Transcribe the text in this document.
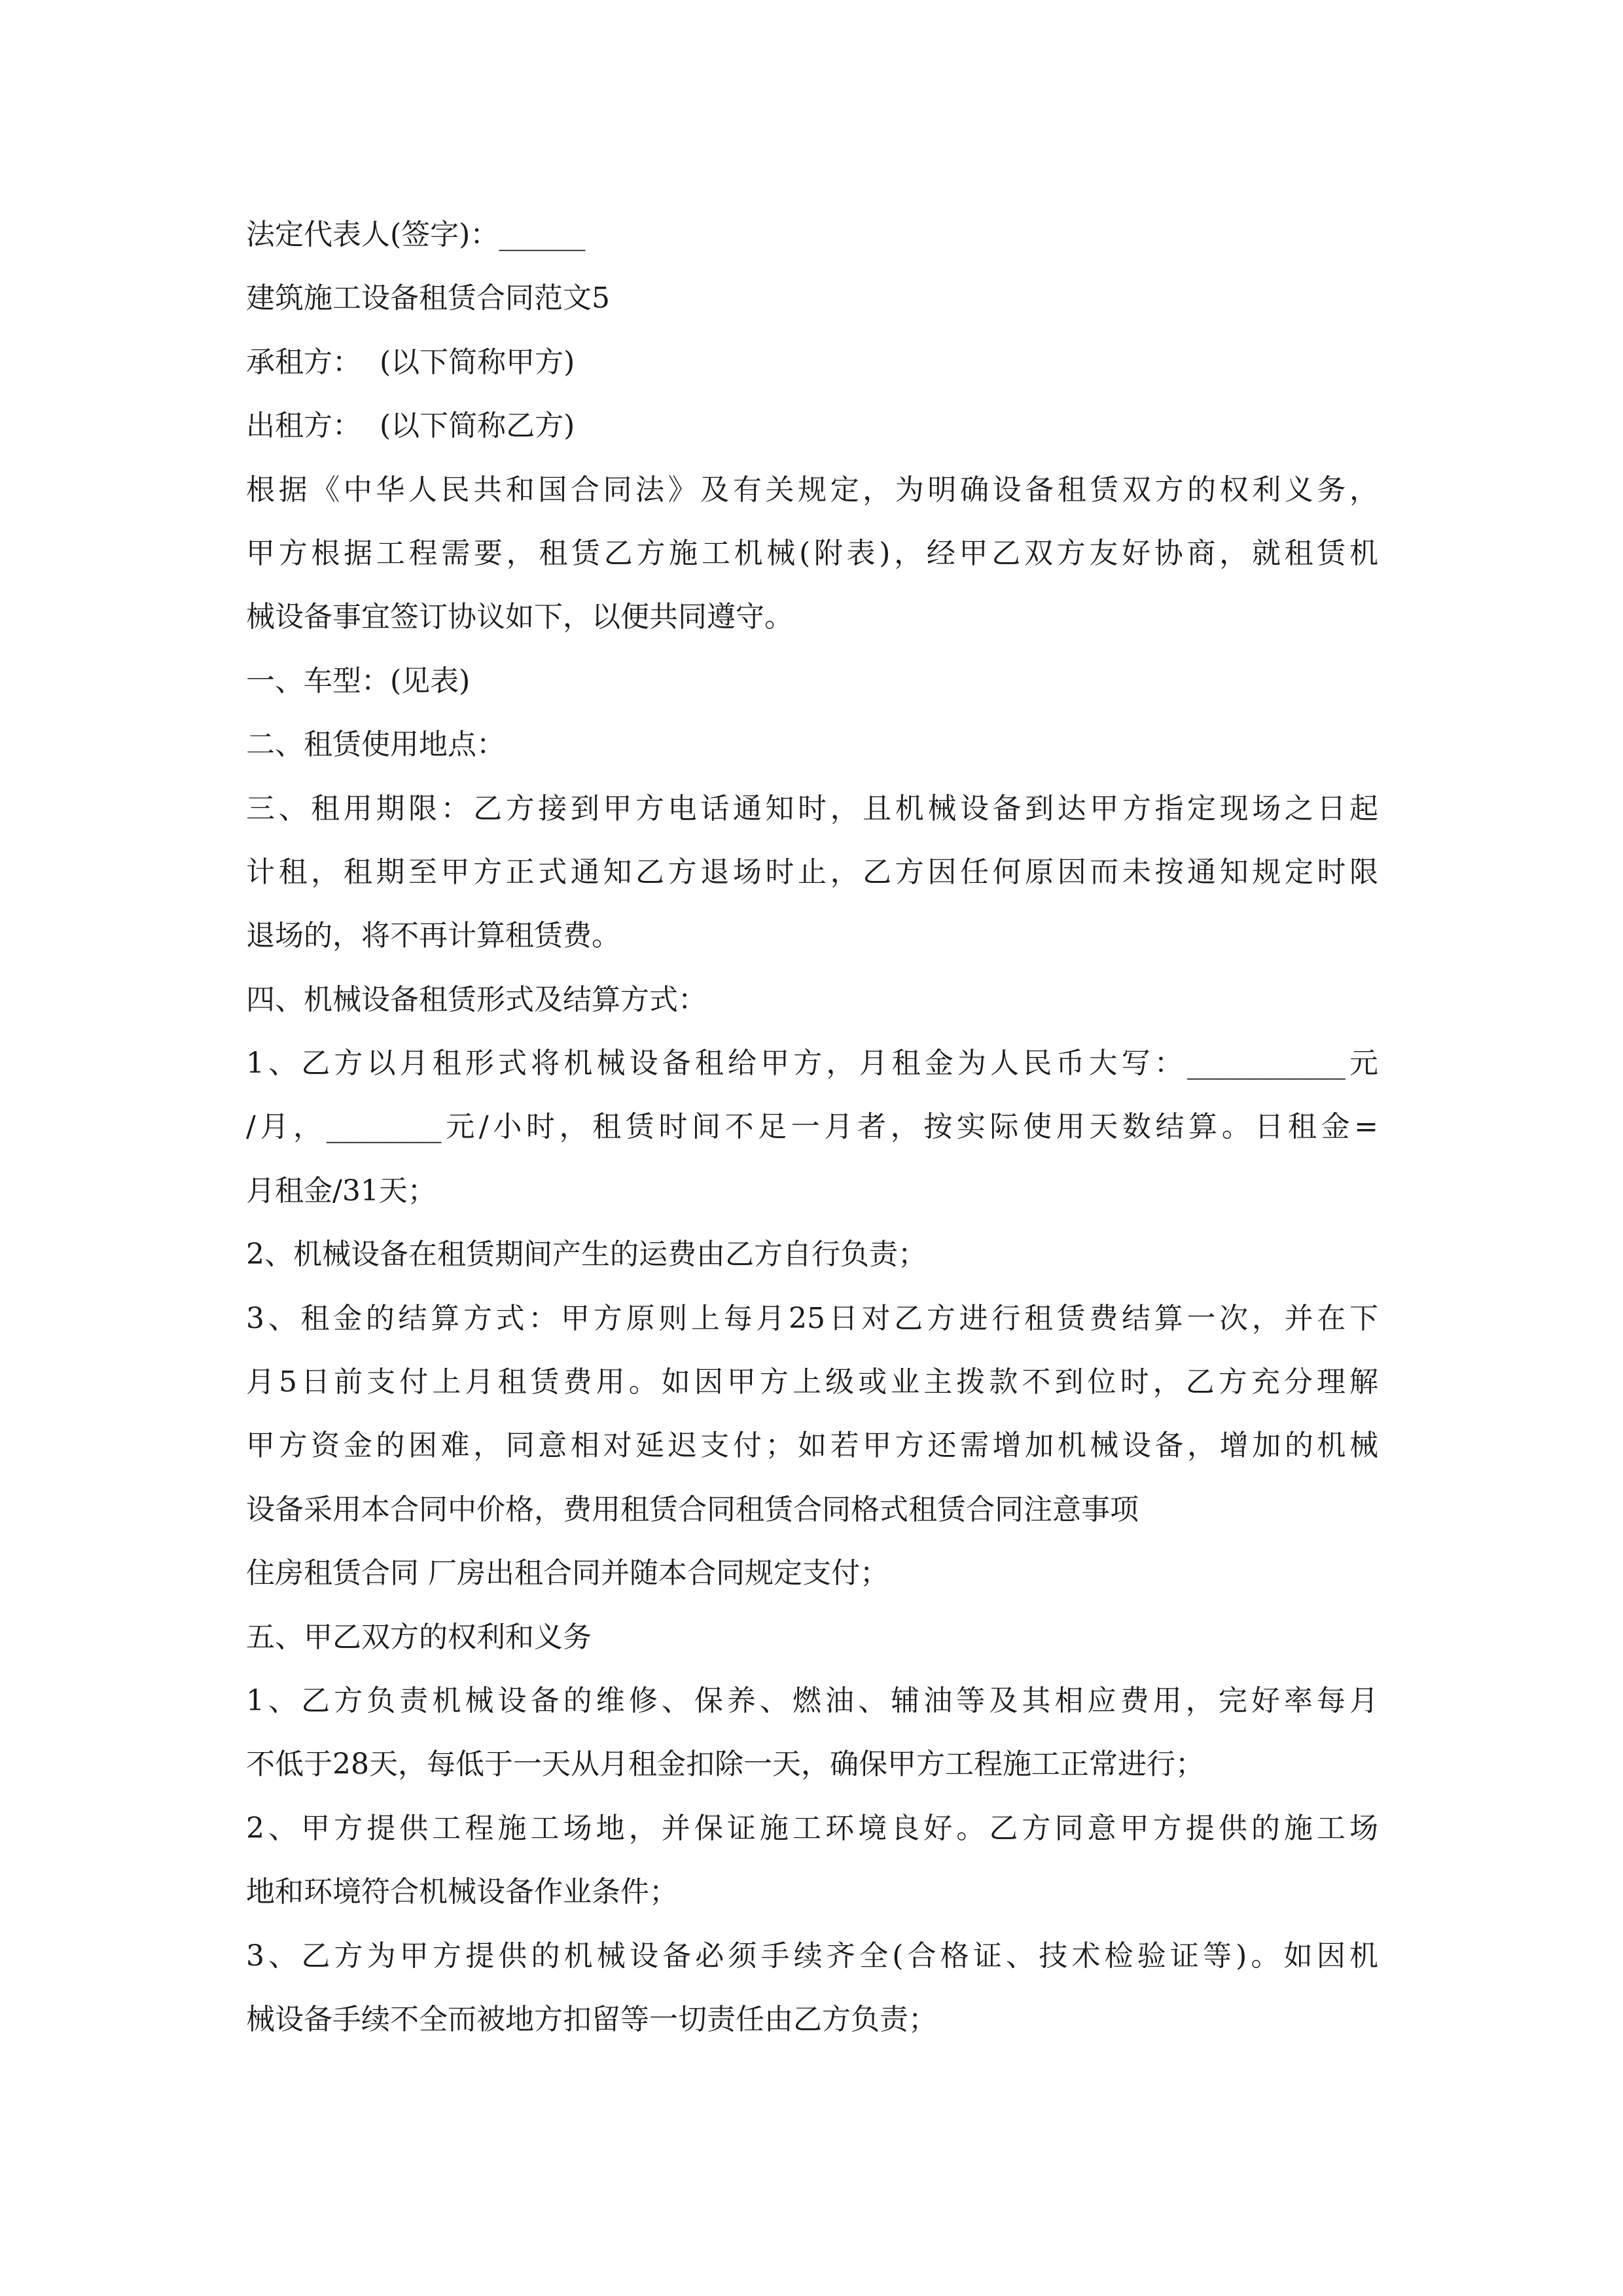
法定代表人(签字)：______
建筑施工设备租赁合同范文5
承租方：  (以下简称甲方)
出租方：  (以下简称乙方)
根据《中华人民共和国合同法》及有关规定，为明确设备租赁双方的权利义务，
甲方根据工程需要，租赁乙方施工机械(附表)，经甲乙双方友好协商，就租赁机
械设备事宜签订协议如下，以便共同遵守。
一、车型：(见表)
二、租赁使用地点：
三、租用期限：乙方接到甲方电话通知时，且机械设备到达甲方指定现场之日起
计租，租期至甲方正式通知乙方退场时止，乙方因任何原因而未按通知规定时限
退场的，将不再计算租赁费。
四、机械设备租赁形式及结算方式：
1、乙方以月租形式将机械设备租给甲方，月租金为人民币大写：___________元
/月，________元/小时，租赁时间不足一月者，按实际使用天数结算。日租金=
月租金/31天；
2、机械设备在租赁期间产生的运费由乙方自行负责；
3、租金的结算方式：甲方原则上每月25日对乙方进行租赁费结算一次，并在下
月5日前支付上月租赁费用。如因甲方上级或业主拨款不到位时，乙方充分理解
甲方资金的困难，同意相对延迟支付；如若甲方还需增加机械设备，增加的机械
设备采用本合同中价格，费用租赁合同租赁合同格式租赁合同注意事项
住房租赁合同 厂房出租合同并随本合同规定支付；
五、甲乙双方的权利和义务
1、乙方负责机械设备的维修、保养、燃油、辅油等及其相应费用，完好率每月
不低于28天，每低于一天从月租金扣除一天，确保甲方工程施工正常进行；
2、甲方提供工程施工场地，并保证施工环境良好。乙方同意甲方提供的施工场
地和环境符合机械设备作业条件；
3、乙方为甲方提供的机械设备必须手续齐全(合格证、技术检验证等)。如因机
械设备手续不全而被地方扣留等一切责任由乙方负责；
